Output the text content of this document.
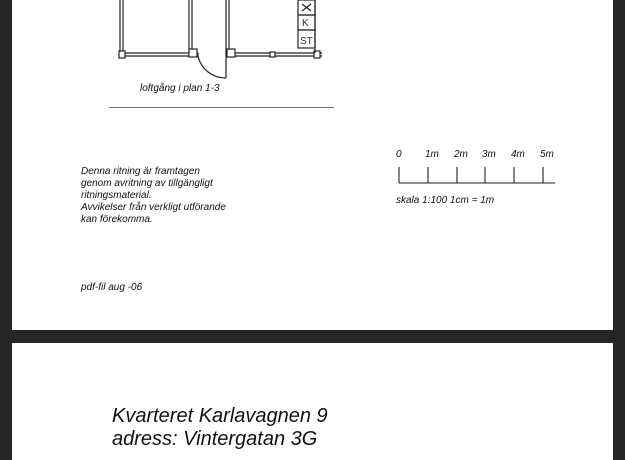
K
ST
loftgång i plan 1-3
Denna ritning är framtagen
genom avritning av tillgängligt
ritningsmaterial.
Avvikelser från verkligt utförande
kan förekomma.
0 1m 2m 3m 4m 5m
skala 1:100 1cm = 1m
pdf-fil aug -06
Kvarteret Karlavagnen 9
adress: Vintergatan 3G
